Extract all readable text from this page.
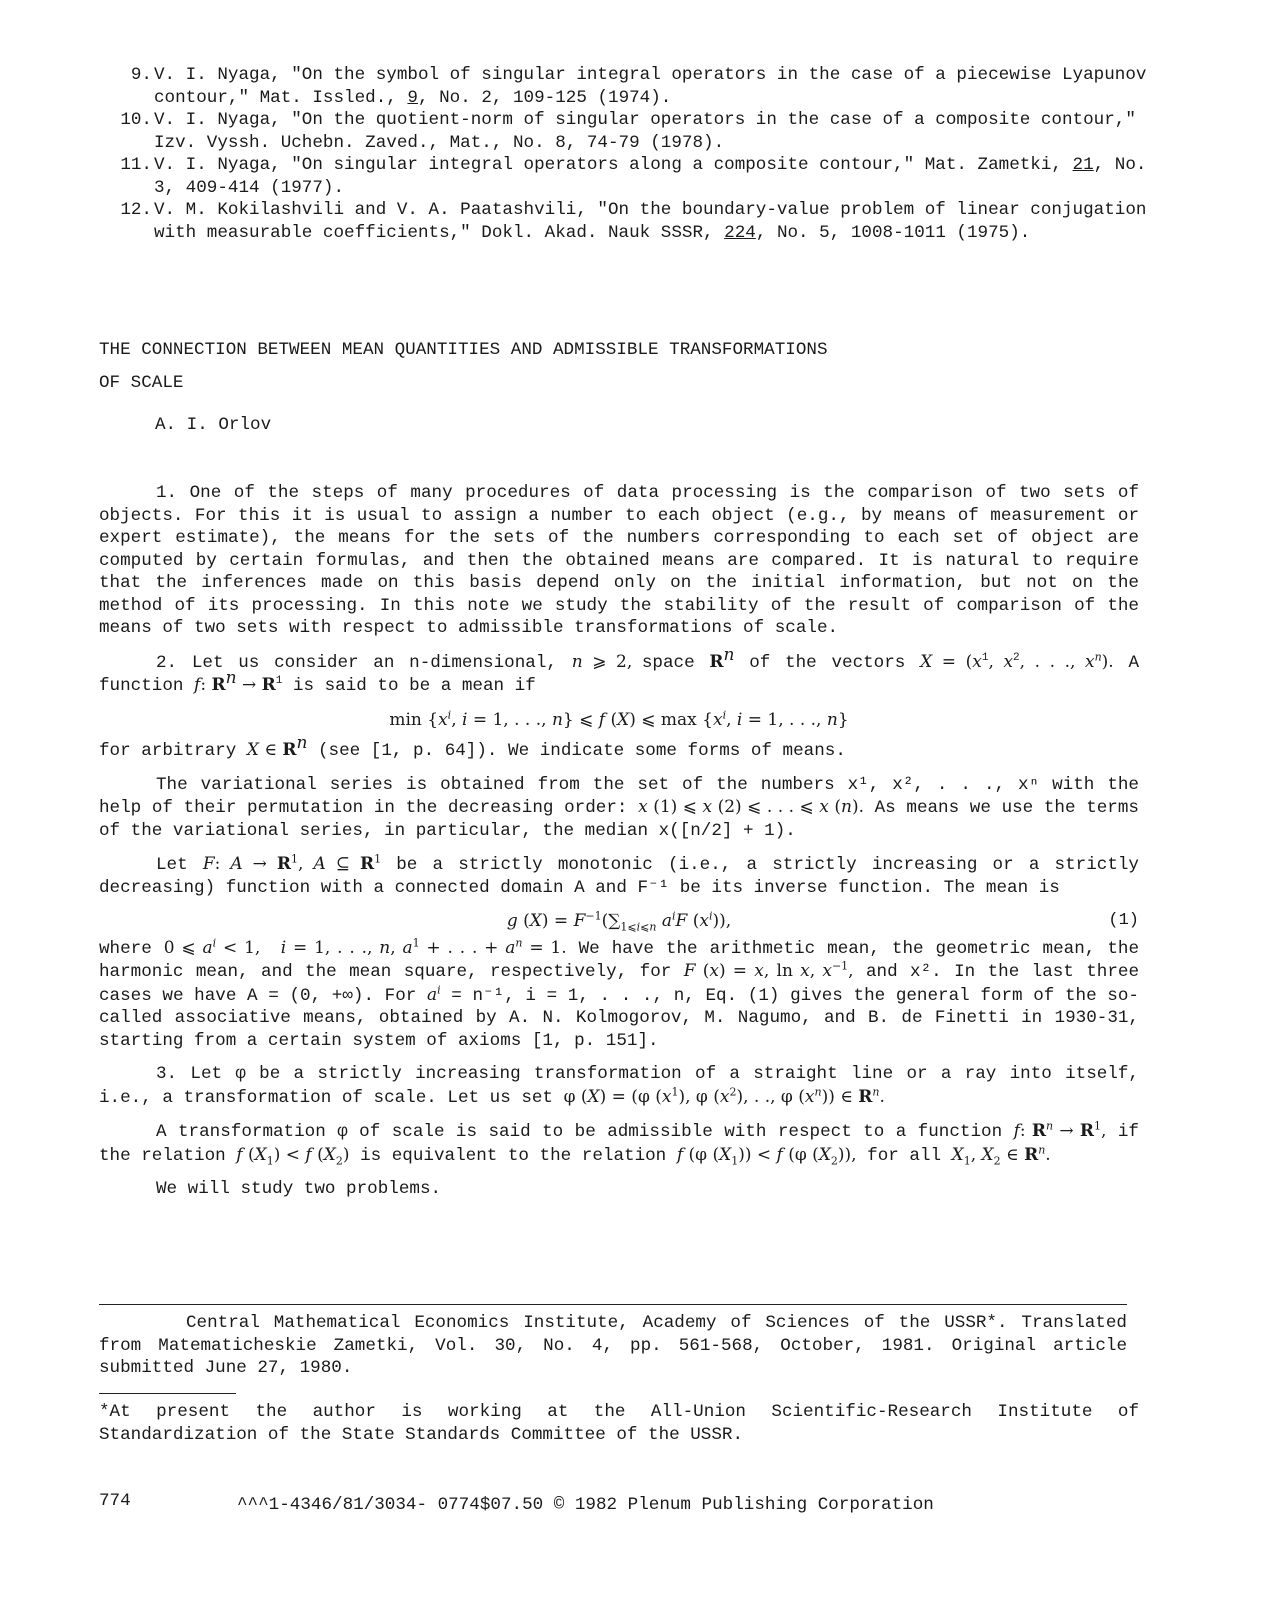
9. V. I. Nyaga, "On the symbol of singular integral operators in the case of a piecewise Lyapunov contour," Mat. Issled., 9, No. 2, 109-125 (1974).
10. V. I. Nyaga, "On the quotient-norm of singular operators in the case of a composite contour," Izv. Vyssh. Uchebn. Zaved., Mat., No. 8, 74-79 (1978).
11. V. I. Nyaga, "On singular integral operators along a composite contour," Mat. Zametki, 21, No. 3, 409-414 (1977).
12. V. M. Kokilashvili and V. A. Paatashvili, "On the boundary-value problem of linear conjugation with measurable coefficients," Dokl. Akad. Nauk SSSR, 224, No. 5, 1008-1011 (1975).
THE CONNECTION BETWEEN MEAN QUANTITIES AND ADMISSIBLE TRANSFORMATIONS
OF SCALE
A. I. Orlov

1. One of the steps of many procedures of data processing is the comparison of two sets of objects. For this it is usual to assign a number to each object (e.g., by means of measurement or expert estimate), the means for the sets of the numbers corresponding to each set of object are computed by certain formulas, and then the obtained means are compared. It is natural to require that the inferences made on this basis depend only on the initial information, but not on the method of its processing. In this note we study the stability of the result of comparison of the means of two sets with respect to admissible transformations of scale.

2. Let us consider an n-dimensional, n ⩾ 2, space $R^n$ of the vectors $X = (x^1$, $x^2$, . . ., $x^n$). A function f: $R^n \to R^1$ is said to be a mean if

$\min \{x^i$, i = 1, . . ., n} ⩽ f (X) ⩽ $\max \{x^i$, i = 1, . . ., n}

for arbitrary X ∈ $R^n$ (see [1, p. 64]). We indicate some forms of means.

The variational series is obtained from the set of the numbers x¹, x², . . ., xⁿ with the help of their permutation in the decreasing order: x (1) ⩽ x (2) ⩽ . . . ⩽ x (n). As means we use the terms of the variational series, in particular, the median x([n/2] + 1).

Let F: $A \to R^1$, A ⊆ $R^1$ be a strictly monotonic (i.e., a strictly increasing or a strictly decreasing) function with a connected domain A and F⁻¹ be its inverse function. The mean is

g $(X) = F^{-1}(\sum_{1⩽i⩽n}$ $a^iF$ $(x^i)$),	(1)

where 0 ⩽ $a^i < 1$,   i = 1, . . ., n, $a^1$ + . . . + $a^n = 1$. We have the arithmetic mean, the geometric mean, the harmonic mean, and the mean square, respectively, for F (x) = x, ln x, $x^{-1}$, and x². In the last three cases we have A = (0, +∞). For $a^i = n^{-1}$, i = 1, . . ., n, Eq. (1) gives the general form of the so-called associative means, obtained by A. N. Kolmogorov, M. Nagumo, and B. de Finetti in 1930-31, starting from a certain system of axioms [1, p. 151].

3. Let φ be a strictly increasing transformation of a straight line or a ray into itself, i.e., a transformation of scale. Let us set φ (X) = (φ $(x^1)$, φ $(x^2)$, . ., φ $(x^n)$) ∈ $R^n$.

A transformation φ of scale is said to be admissible with respect to a function f: $R^n \to R^1$, if the relation f $(X_1) < f$ $(X_2)$ is equivalent to the relation f (φ $(X_1)) < f$ (φ $(X_2)$), for all $X_1$, $X_2$ ∈ $R^n$.

We will study two problems.

Central Mathematical Economics Institute, Academy of Sciences of the USSR*. Translated from Matematicheskie Zametki, Vol. 30, No. 4, pp. 561-568, October, 1981. Original article submitted June 27, 1980.
*At present the author is working at the All-Union Scientific-Research Institute of Standardization of the State Standards Committee of the USSR.
774	^^^1-4346/81/3034- 0774$07.50 © 1982 Plenum Publishing Corporation
